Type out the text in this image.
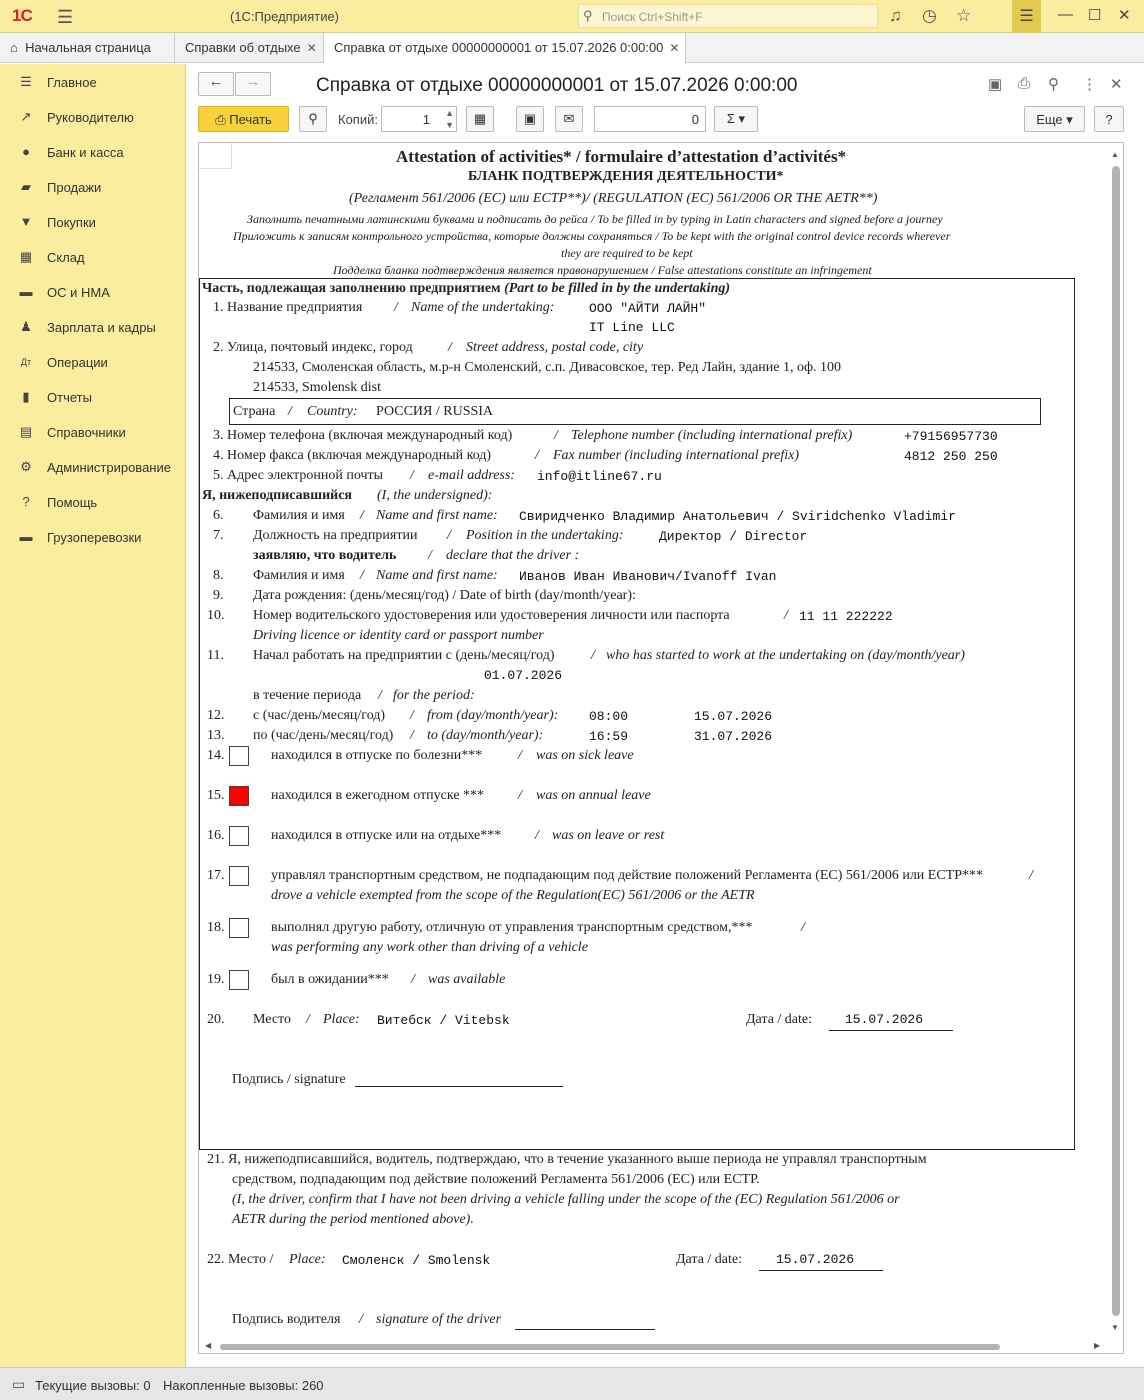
1С ☰	(1С:Предприятие)	⚲ Поиск Ctrl+Shift+F	♫ ◷ ☆	☰	— ☐ ✕
⌂ Начальная страница	Справки об отдыхе ✕	Справка от отдыхе 00000000001 от 15.07.2026 0:00:00 ✕
☰ Главное
↗ Руководителю
●	Банк и касса
▰	Продажи
▼ Покупки
▦ Склад
▬ ОС и НМА
♟ Зарплата и кадры
Дт Операции
▮	Отчеты
▤ Справочники
⚙ Администрирование
?	Помощь
▬ Грузоперевозки
←	→	Справка от отдыхе 00000000001 от 15.07.2026 0:00:00	▣ ⎙ ⚲ ⋮ ✕
⎙ Печать	⚲	Копий:	1 ▲
▼	▦	▣	✉	0	Σ ▾	Еще ▾	?
Attestation of activities* / formulaire d’attestation d’activités*
БЛАНК ПОДТВЕРЖДЕНИЯ ДЕЯТЕЛЬНОСТИ*
(Регламент 561/2006 (ЕС) или ЕСТР**)/ (REGULATION (EC) 561/2006 OR THE AETR**)
Заполнить печатными латинскими буквами и подписать до рейса / To be filled in by typing in Latin characters and signed before a journey
Приложить к записям контрольного устройства, которые должны сохраняться / To be kept with the original control device records wherever
they are required to be kept
Подделка бланка подтверждения является правонарушением / False attestations constitute an infringement
Часть, подлежащая заполнению предприятием (Part to be filled in by the undertaking)
1. Название предприятия / Name of the undertaking:	ООО "АЙТИ ЛАЙН"
IT Line LLC
2. Улица, почтовый индекс, город	/ Street address, postal code, city
214533, Смоленская область, м.р-н Смоленский, с.п. Дивасовское, тер. Ред Лайн, здание 1, оф. 100
214533, Smolensk dist
Страна / Country: РОССИЯ / RUSSIA
3. Номер телефона (включая международный код)	/ Telephone number (including international prefix)	+79156957730
4. Номер факса (включая международный код)	/ Fax number (including international prefix)	4812 250 250
5. Адрес электронной почты / e-mail address: info@itline67.ru
Я, нижеподписавшийся (I, the undersigned):
6. Фамилия и имя / Name and first name: Свиридченко Владимир Анатольевич / Sviridchenko Vladimir
7. Должность на предприятии / Position in the undertaking:	Директор / Director
заявляю, что водитель / declare that the driver :
8. Фамилия и имя / Name and first name: Иванов Иван Иванович/Ivanoff Ivan
9. Дата рождения: (день/месяц/год) / Date of birth (day/month/year):
10. Номер водительского удостоверения или удостоверения личности или паспорта	/ 11 11 222222
Driving licence or identity card or passport number
11. Начал работать на предприятии с (день/месяц/год)	/ who has started to work at the undertaking on (day/month/year)
01.07.2026
в течение периода / for the period:
12. с (час/день/месяц/год) / from (day/month/year): 08:00	15.07.2026
13. по (час/день/месяц/год) / to (day/month/year):	16:59	31.07.2026
14.	находился в отпуске по болезни***	/ was on sick leave
15.	находился в ежегодном отпуске *** / was on annual leave
16.	находился в отпуске или на отдыхе*** / was on leave or rest
17.	управлял транспортным средством, не подпадающим под действие положений Регламента (ЕС) 561/2006 или ЕСТР***	/
drove a vehicle exempted from the scope of the Regulation(EC) 561/2006 or the AETR
18.	выполнял другую работу, отличную от управления транспортным средством,***	/
was performing any work other than driving of a vehicle
19.	был в ожидании*** / was available
20. Место / Place: Витебск / Vitebsk	Дата / date:	15.07.2026
Подпись / signature
21. Я, нижеподписавшийся, водитель, подтверждаю, что в течение указанного выше периода не управлял транспортным
средством, подпадающим под действие положений Регламента 561/2006 (ЕС) или ЕСТР.
(I, the driver, confirm that I have not been driving a vehicle falling under the scope of the (EC) Regulation 561/2006 or
AETR during the period mentioned above).
22. Место / Place: Смоленск / Smolensk	Дата / date:	15.07.2026
Подпись водителя / signature of the driver
▲
▼
◀	▶
▭ Текущие вызовы: 0 Накопленные вызовы: 260
